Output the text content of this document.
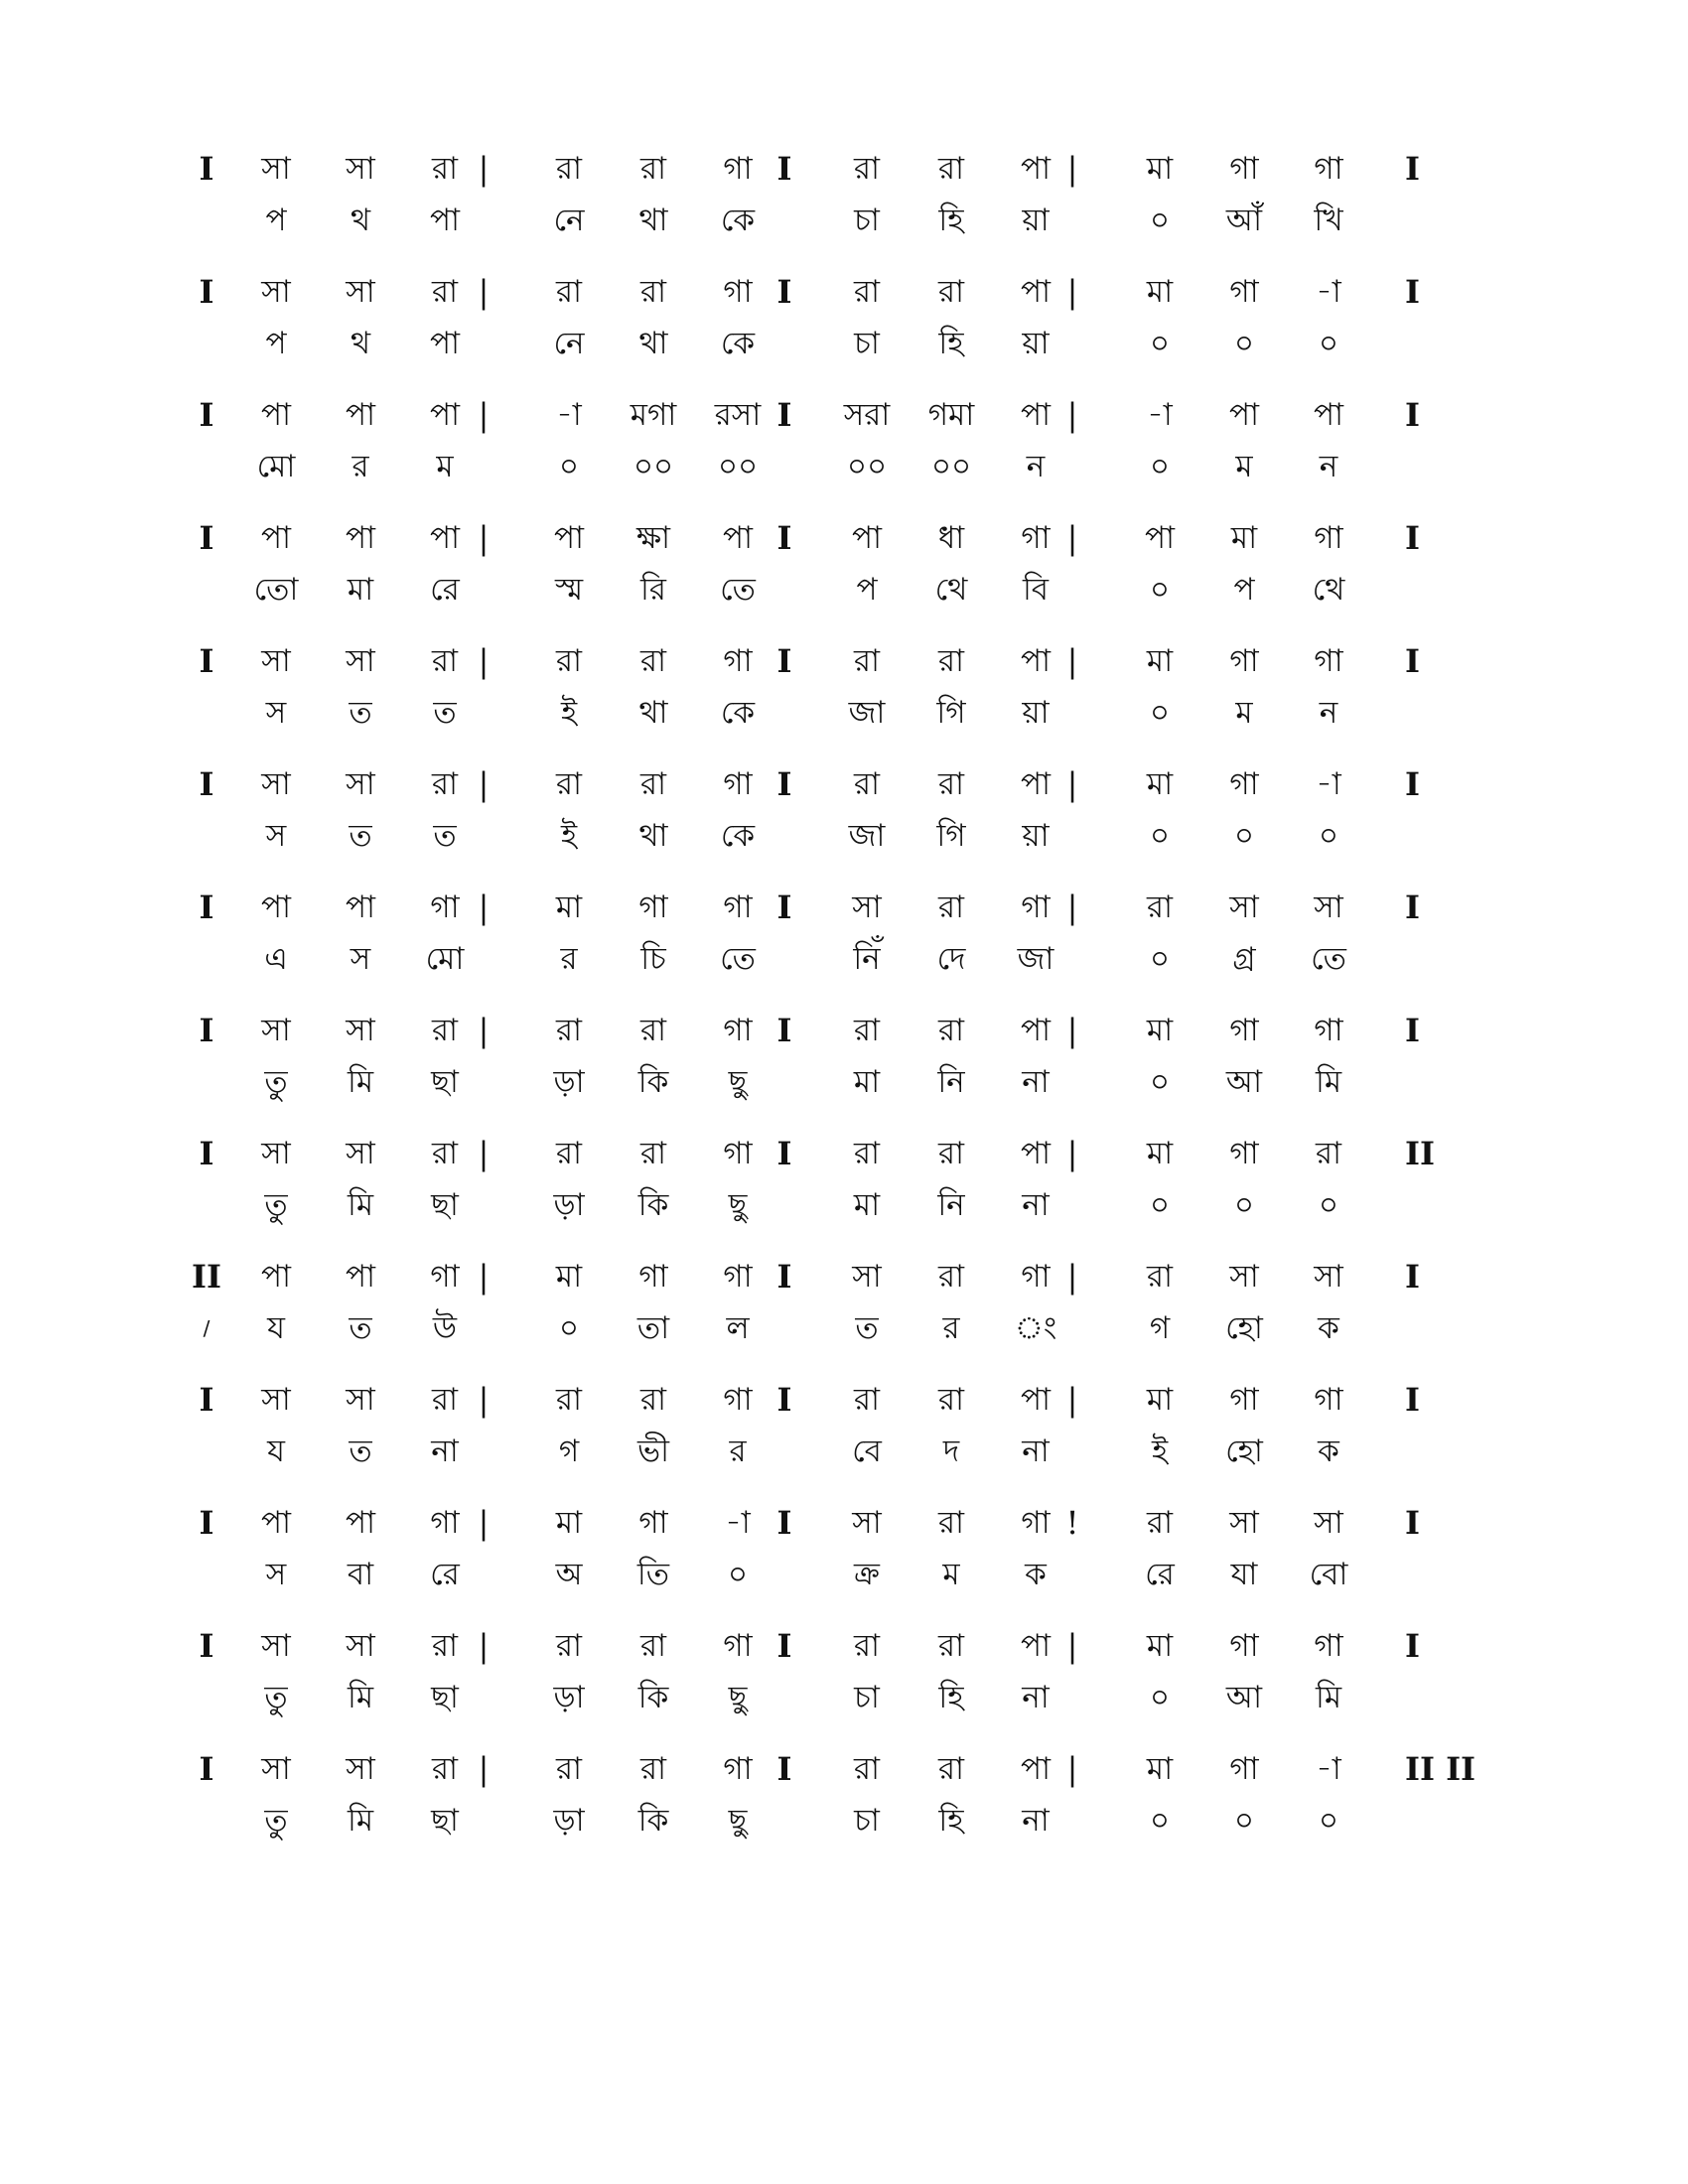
I	|	I	|	I
সা	সা	রা	রা	রা	গা	রা	রা	পা	মা	গা	গা
প	থ	পা	নে	থা	কে	চা	হি	য়া	০	আঁ	খি
I	|	I	|	I
সা	সা	রা	রা	রা	গা	রা	রা	পা	মা	গা	-া
প	থ	পা	নে	থা	কে	চা	হি	য়া	০	০	০
I	|	I	|	I
পা	পা	পা	-া	মগা	রসা	সরা	গমা	পা	-া	পা	পা
মো	র	ম	০	০০	০০	০০	০০	ন	০	ম	ন
I	|	I	|	I
পা	পা	পা	পা	ক্ষা	পা	পা	ধা	গা	পা	মা	গা
তো	মা	রে	স্ম	রি	তে	প	থে	বি	০	প	থে
I	|	I	|	I
সা	সা	রা	রা	রা	গা	রা	রা	পা	মা	গা	গা
স	ত	ত	ই	থা	কে	জা	গি	য়া	০	ম	ন
I	|	I	|	I
সা	সা	রা	রা	রা	গা	রা	রা	পা	মা	গা	-া
স	ত	ত	ই	থা	কে	জা	গি	য়া	০	০	০
I	|	I	|	I
পা	পা	গা	মা	গা	গা	সা	রা	গা	রা	সা	সা
এ	স	মো	র	চি	তে	নিঁ	দে	জা	০	গ্র	তে
I	|	I	|	I
সা	সা	রা	রা	রা	গা	রা	রা	পা	মা	গা	গা
তু	মি	ছা	ড়া	কি	ছু	মা	নি	না	০	আ	মি
I	|	I	|	II
সা	সা	রা	রা	রা	গা	রা	রা	পা	মা	গা	রা
তু	মি	ছা	ড়া	কি	ছু	মা	নি	না	০	০	০
/
II	|	I	|	I
পা	পা	গা	মা	গা	গা	সা	রা	গা	রা	সা	সা
য	ত	উ	০	তা	ল	ত	র	ং	গ	হো	ক
I	|	I	|	I
সা	সা	রা	রা	রা	গা	রা	রা	পা	মা	গা	গা
য	ত	না	গ	ভী	র	বে	দ	না	ই	হো	ক
I	|	I	!	I
পা	পা	গা	মা	গা	-া	সা	রা	গা	রা	সা	সা
স	বা	রে	অ	তি	০	ক্র	ম	ক	রে	যা	বো
I	|	I	|	I
সা	সা	রা	রা	রা	গা	রা	রা	পা	মা	গা	গা
তু	মি	ছা	ড়া	কি	ছু	চা	হি	না	০	আ	মি
I	|	I	|	II II
সা	সা	রা	রা	রা	গা	রা	রা	পা	মা	গা	-া
তু	মি	ছা	ড়া	কি	ছু	চা	হি	না	০	০	০
